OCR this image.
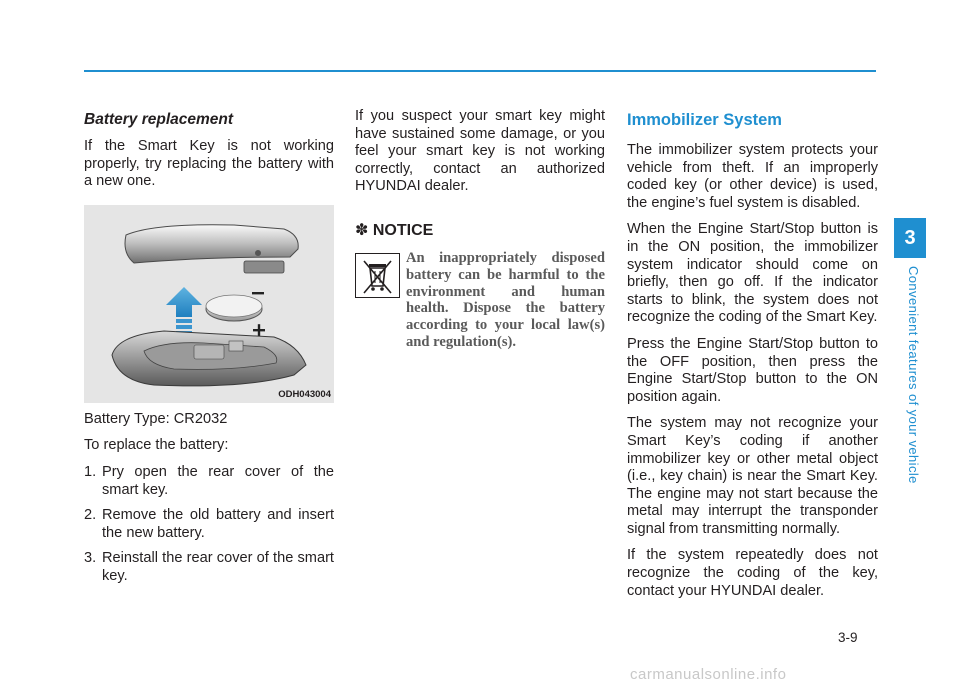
Battery replacement

If the Smart Key is not working properly, try replacing the battery with a new one.

ODH043004

Battery Type: CR2032

To replace the battery:

1. Pry open the rear cover of the smart key.
2. Remove the old battery and insert the new battery.
3. Reinstall the rear cover of the smart key.

If you suspect your smart key might have sustained some damage, or you feel your smart key is not working correctly, contact an authorized HYUNDAI dealer.

✽ NOTICE
An inappropriately disposed battery can be harmful to the environment and human health. Dispose the battery according to your local law(s) and regulation(s).
Immobilizer System

The immobilizer system protects your vehicle from theft. If an improperly coded key (or other device) is used, the engine’s fuel system is disabled.

When the Engine Start/Stop button is in the ON position, the immobilizer system indicator should come on briefly, then go off. If the indicator starts to blink, the system does not recognize the coding of the Smart Key.

Press the Engine Start/Stop button to the OFF position, then press the Engine Start/Stop button to the ON position again.

The system may not recognize your Smart Key’s coding if another immobilizer key or other metal object (i.e., key chain) is near the Smart Key. The engine may not start because the metal may interrupt the transponder signal from transmitting normally.

If the system repeatedly does not recognize the coding of the key, contact your HYUNDAI dealer.

3
Convenient features of your vehicle
3-9
carmanualsonline.info
